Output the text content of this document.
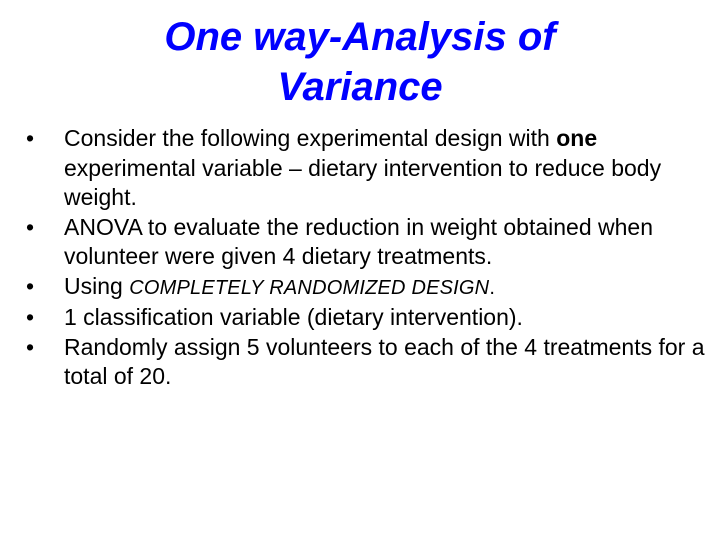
One way-Analysis of
Variance
• Consider the following experimental design with one experimental variable – dietary intervention to reduce body weight.
• ANOVA to evaluate the reduction in weight obtained when volunteer were given 4 dietary treatments.
• Using COMPLETELY RANDOMIZED DESIGN.
• 1 classification variable (dietary intervention).
• Randomly assign 5 volunteers to each of the 4 treatments for a total of 20.
